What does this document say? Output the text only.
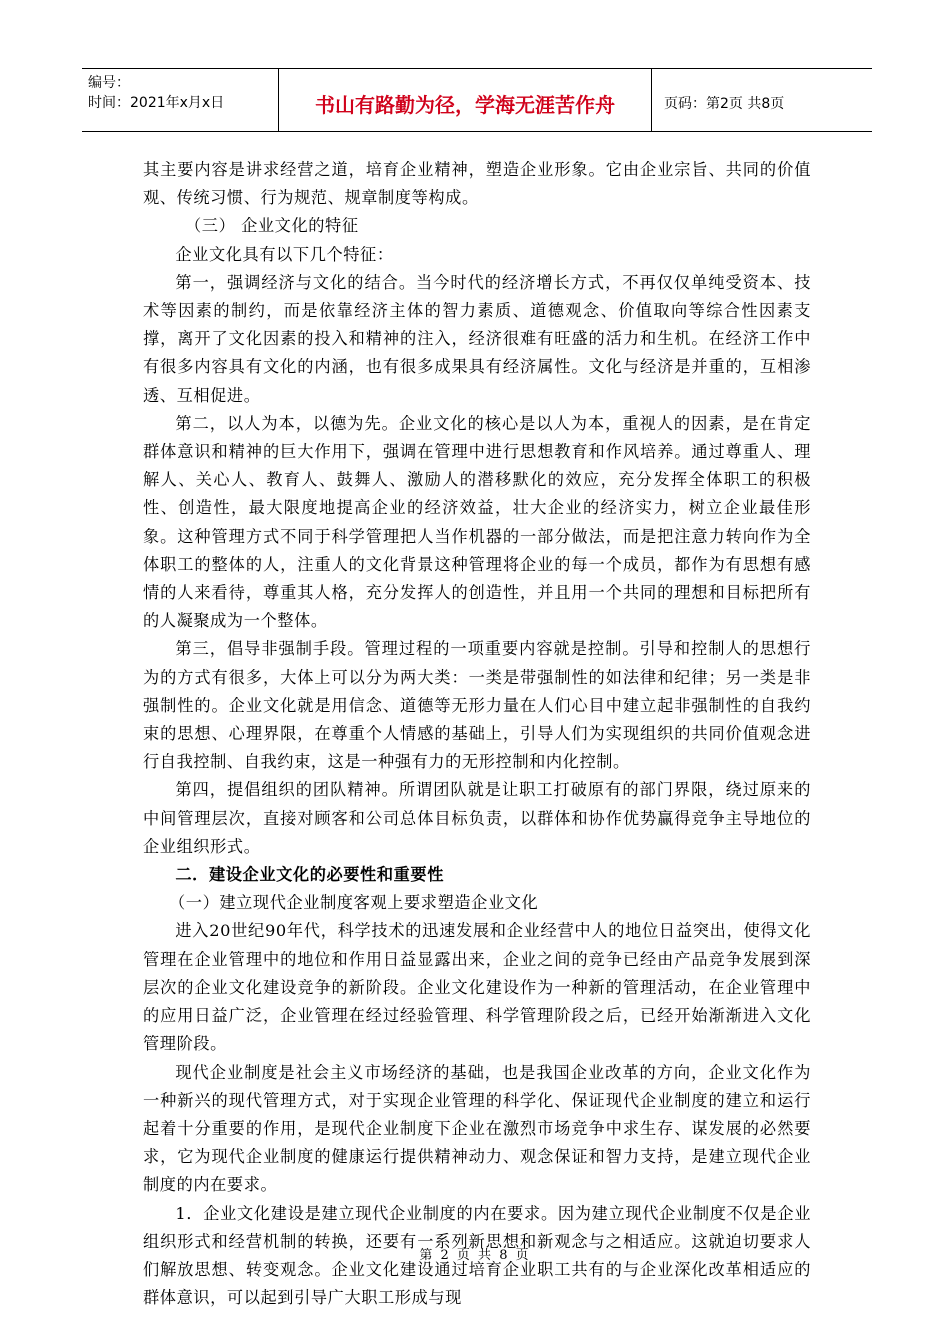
编号：
时间：2021年x月x日	书山有路勤为径，学海无涯苦作舟	页码：第2页 共8页

其主要内容是讲求经营之道，培育企业精神，塑造企业形象。它由企业宗旨、共同的价值观、传统习惯、行为规范、规章制度等构成。

（三） 企业文化的特征

企业文化具有以下几个特征：

第一，强调经济与文化的结合。当今时代的经济增长方式，不再仅仅单纯受资本、技术等因素的制约，而是依靠经济主体的智力素质、道德观念、价值取向等综合性因素支撑，离开了文化因素的投入和精神的注入，经济很难有旺盛的活力和生机。在经济工作中有很多内容具有文化的内涵，也有很多成果具有经济属性。文化与经济是并重的，互相渗透、互相促进。

第二，以人为本，以德为先。企业文化的核心是以人为本，重视人的因素，是在肯定群体意识和精神的巨大作用下，强调在管理中进行思想教育和作风培养。通过尊重人、理解人、关心人、教育人、鼓舞人、激励人的潜移默化的效应，充分发挥全体职工的积极性、创造性，最大限度地提高企业的经济效益，壮大企业的经济实力，树立企业最佳形象。这种管理方式不同于科学管理把人当作机器的一部分做法，而是把注意力转向作为全体职工的整体的人，注重人的文化背景这种管理将企业的每一个成员，都作为有思想有感情的人来看待，尊重其人格，充分发挥人的创造性，并且用一个共同的理想和目标把所有的人凝聚成为一个整体。

第三，倡导非强制手段。管理过程的一项重要内容就是控制。引导和控制人的思想行为的方式有很多，大体上可以分为两大类：一类是带强制性的如法律和纪律；另一类是非强制性的。企业文化就是用信念、道德等无形力量在人们心目中建立起非强制性的自我约束的思想、心理界限，在尊重个人情感的基础上，引导人们为实现组织的共同价值观念进行自我控制、自我约束，这是一种强有力的无形控制和内化控制。

第四，提倡组织的团队精神。所谓团队就是让职工打破原有的部门界限，绕过原来的中间管理层次，直接对顾客和公司总体目标负责，以群体和协作优势赢得竞争主导地位的企业组织形式。

二．建设企业文化的必要性和重要性

（一）建立现代企业制度客观上要求塑造企业文化

进入20世纪90年代，科学技术的迅速发展和企业经营中人的地位日益突出，使得文化管理在企业管理中的地位和作用日益显露出来，企业之间的竞争已经由产品竞争发展到深层次的企业文化建设竞争的新阶段。企业文化建设作为一种新的管理活动，在企业管理中的应用日益广泛，企业管理在经过经验管理、科学管理阶段之后，已经开始渐渐进入文化管理阶段。

现代企业制度是社会主义市场经济的基础，也是我国企业改革的方向，企业文化作为一种新兴的现代管理方式，对于实现企业管理的科学化、保证现代企业制度的建立和运行起着十分重要的作用，是现代企业制度下企业在激烈市场竞争中求生存、谋发展的必然要求，它为现代企业制度的健康运行提供精神动力、观念保证和智力支持，是建立现代企业制度的内在要求。

1．企业文化建设是建立现代企业制度的内在要求。因为建立现代企业制度不仅是企业组织形式和经营机制的转换，还要有一系列新思想和新观念与之相适应。这就迫切要求人们解放思想、转变观念。企业文化建设通过培育企业职工共有的与企业深化改革相适应的群体意识，可以起到引导广大职工形成与现

第 2 页 共 8 页
